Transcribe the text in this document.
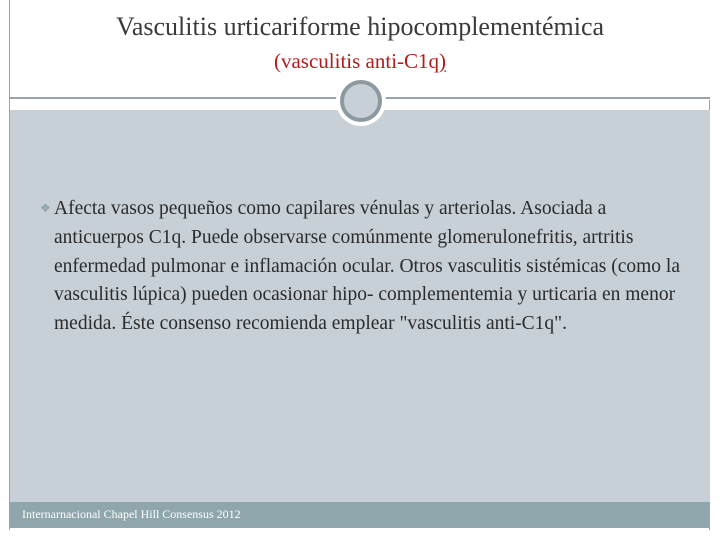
Vasculitis urticariforme hipocomplementémica
(vasculitis anti-C1q)

❖ Afecta vasos pequeños como capilares vénulas y arteriolas. Asociada a anticuerpos C1q. Puede observarse comúnmente glomerulonefritis, artritis enfermedad pulmonar e inflamación ocular. Otros vasculitis sistémicas (como la vasculitis lúpica) pueden ocasionar hipo- complementemia y urticaria en menor medida. Éste consenso recomienda emplear "vasculitis anti-C1q".

Internarnacional Chapel Hill Consensus 2012
